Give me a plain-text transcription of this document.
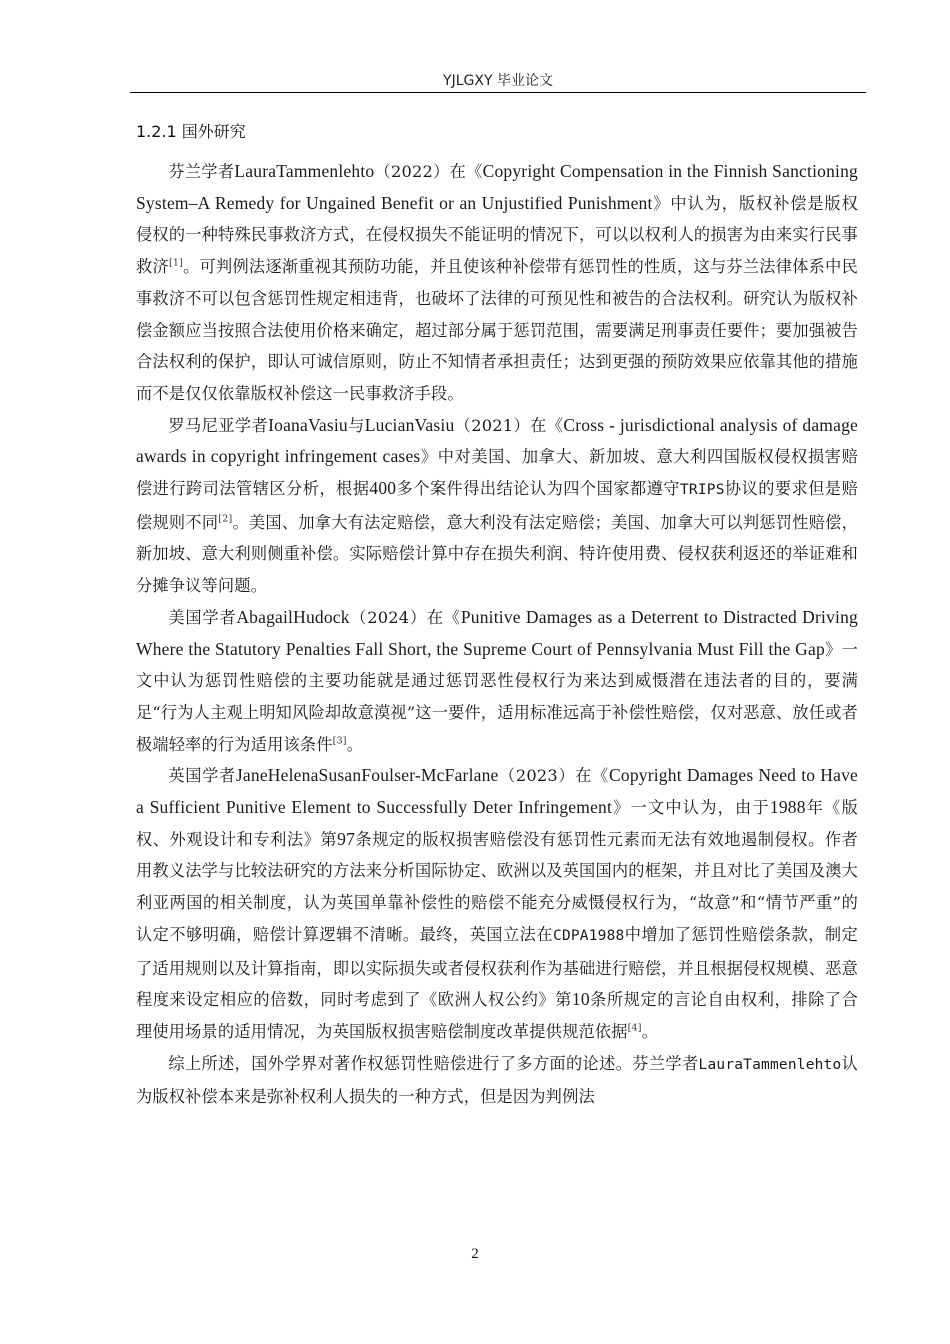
YJLGXY 毕业论文
1.2.1 国外研究

芬兰学者LauraTammenlehto（2022）在《Copyright Compensation in the Finnish Sanctioning System–A Remedy for Ungained Benefit or an Unjustified Punishment》中认为，版权补偿是版权侵权的一种特殊民事救济方式，在侵权损失不能证明的情况下，可以以权利人的损害为由来实行民事救济[1]。可判例法逐渐重视其预防功能，并且使该种补偿带有惩罚性的性质，这与芬兰法律体系中民事救济不可以包含惩罚性规定相违背，也破坏了法律的可预见性和被告的合法权利。研究认为版权补偿金额应当按照合法使用价格来确定，超过部分属于惩罚范围，需要满足刑事责任要件；要加强被告合法权利的保护，即认可诚信原则，防止不知情者承担责任；达到更强的预防效果应依靠其他的措施而不是仅仅依靠版权补偿这一民事救济手段。

罗马尼亚学者IoanaVasiu与LucianVasiu（2021）在《Cross - jurisdictional analysis of damage awards in copyright infringement cases》中对美国、加拿大、新加坡、意大利四国版权侵权损害赔偿进行跨司法管辖区分析，根据400多个案件得出结论认为四个国家都遵守TRIPS协议的要求但是赔偿规则不同[2]。美国、加拿大有法定赔偿，意大利没有法定赔偿；美国、加拿大可以判惩罚性赔偿，新加坡、意大利则侧重补偿。实际赔偿计算中存在损失利润、特许使用费、侵权获利返还的举证难和分摊争议等问题。

美国学者AbagailHudock（2024）在《Punitive Damages as a Deterrent to Distracted Driving Where the Statutory Penalties Fall Short, the Supreme Court of Pennsylvania Must Fill the Gap》一文中认为惩罚性赔偿的主要功能就是通过惩罚恶性侵权行为来达到威慑潜在违法者的目的，要满足“行为人主观上明知风险却故意漠视”这一要件，适用标准远高于补偿性赔偿，仅对恶意、放任或者极端轻率的行为适用该条件[3]。

英国学者JaneHelenaSusanFoulser-McFarlane（2023）在《Copyright Damages Need to Have a Sufficient Punitive Element to Successfully Deter Infringement》一文中认为，由于1988年《版权、外观设计和专利法》第97条规定的版权损害赔偿没有惩罚性元素而无法有效地遏制侵权。作者用教义法学与比较法研究的方法来分析国际协定、欧洲以及英国国内的框架，并且对比了美国及澳大利亚两国的相关制度，认为英国单靠补偿性的赔偿不能充分威慑侵权行为，“故意”和“情节严重”的认定不够明确，赔偿计算逻辑不清晰。最终，英国立法在CDPA1988中增加了惩罚性赔偿条款，制定了适用规则以及计算指南，即以实际损失或者侵权获利作为基础进行赔偿，并且根据侵权规模、恶意程度来设定相应的倍数，同时考虑到了《欧洲人权公约》第10条所规定的言论自由权利，排除了合理使用场景的适用情况，为英国版权损害赔偿制度改革提供规范依据[4]。

综上所述，国外学界对著作权惩罚性赔偿进行了多方面的论述。芬兰学者LauraTammenlehto认为版权补偿本来是弥补权利人损失的一种方式，但是因为判例法

2
